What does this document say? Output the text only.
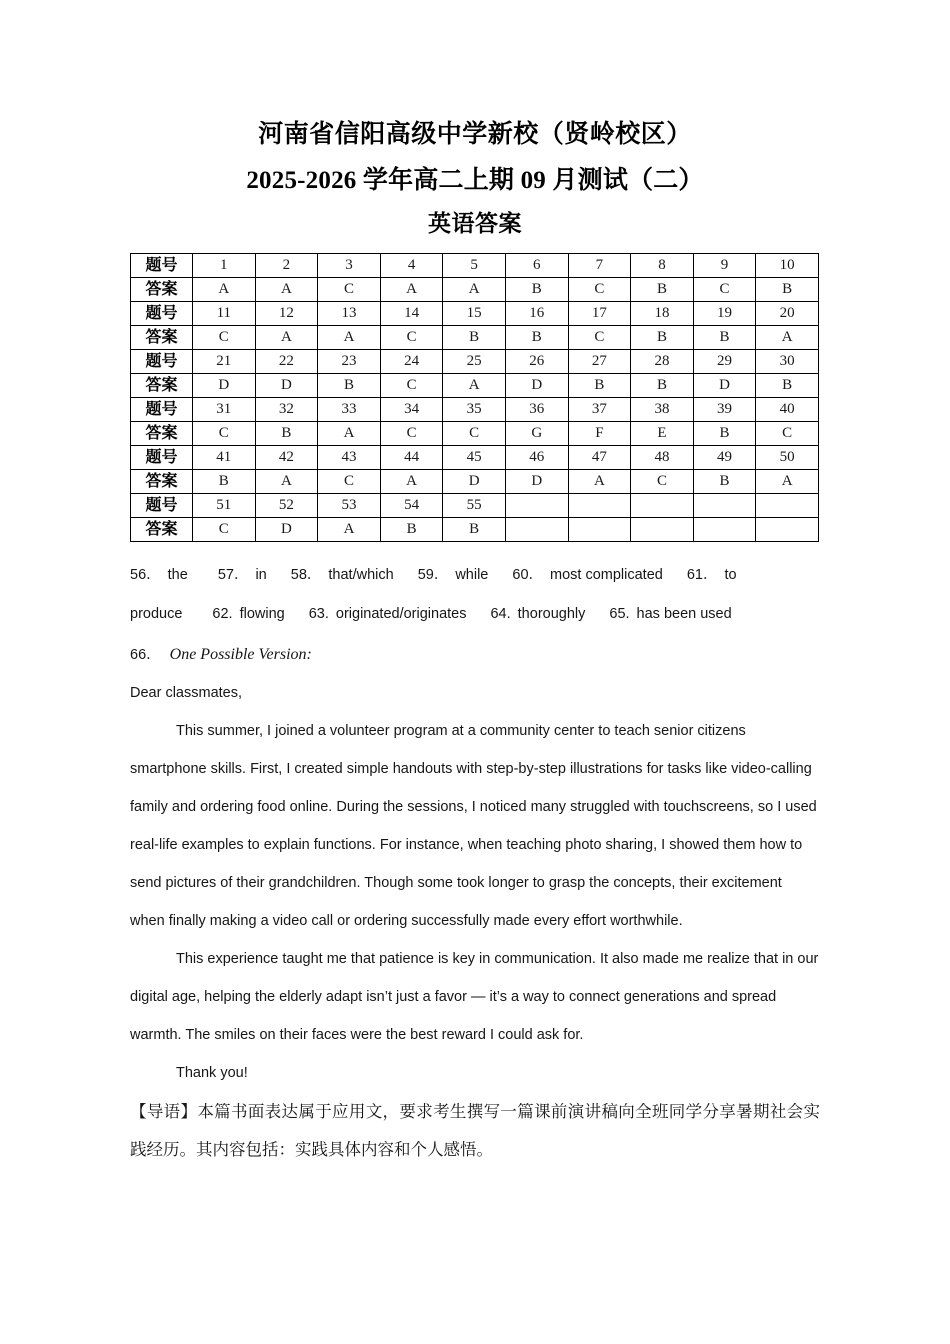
河南省信阳高级中学新校（贤岭校区）
2025-2026 学年高二上期 09 月测试（二）
英语答案
题号	1	2	3	4	5	6	7	8	9	10
答案	A	A	C	A	A	B	C	B	C	B
题号	11	12	13	14	15	16	17	18	19	20
答案	C	A	A	C	B	B	C	B	B	A
题号	21	22	23	24	25	26	27	28	29	30
答案	D	D	B	C	A	D	B	B	D	B
题号	31	32	33	34	35	36	37	38	39	40
答案	C	B	A	C	C	G	F	E	B	C
题号	41	42	43	44	45	46	47	48	49	50
答案	B	A	C	A	D	D	A	C	B	A
题号	51	52	53	54	55					
答案	C	D	A	B	B					
56． the 57． in 58． that/which 59． while 60． most complicated 61． to
produce 62. flowing 63. originated/originates 64. thoroughly 65. has been used
66． One Possible Version:

Dear classmates,

This summer, I joined a volunteer program at a community center to teach senior citizens smartphone skills. First, I created simple handouts with step-by-step illustrations for tasks like video-calling family and ordering food online. During the sessions, I noticed many struggled with touchscreens, so I used real-life examples to explain functions. For instance, when teaching photo sharing, I showed them how to send pictures of their grandchildren. Though some took longer to grasp the concepts, their excitement when finally making a video call or ordering successfully made every effort worthwhile.

This experience taught me that patience is key in communication. It also made me realize that in our digital age, helping the elderly adapt isn’t just a favor — it’s a way to connect generations and spread warmth. The smiles on their faces were the best reward I could ask for.

Thank you!

【导语】本篇书面表达属于应用文，要求考生撰写一篇课前演讲稿向全班同学分享暑期社会实践经历。其内容包括：实践具体内容和个人感悟。
